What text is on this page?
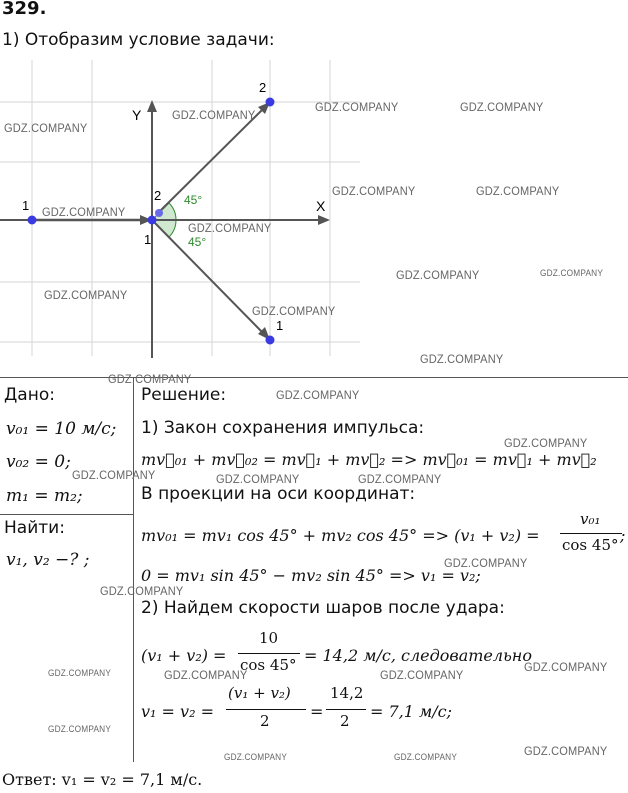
329.
1) Отобразим условие задачи:
Y
X
1
1
2
2
1
45°
45°
Дано:
v₀₁ = 10 м/с;
v₀₂ = 0;
m₁ = m₂;
Найти:
v₁, v₂ −? ;
Решение:
1) Закон сохранения импульса:
mv⃗₀₁ + mv⃗₀₂ = mv⃗₁ + mv⃗₂ => mv⃗₀₁ = mv⃗₁ + mv⃗₂
В проекции на оси координат:
mv₀₁ = mv₁ cos 45° + mv₂ cos 45° => (v₁ + v₂) =
v₀₁
cos 45° ;
0 = mv₁ sin 45° − mv₂ sin 45° => v₁ = v₂;
2) Найдем скорости шаров после удара:
(v₁ + v₂) =
10
cos 45° = 14,2 м/с, следовательно
v₁ = v₂ =
(v₁ + v₂)
2	=
14,2
2 = 7,1 м/с;
Ответ: v₁ = v₂ = 7,1 м/с.
GDZ.COMPANY
GDZ.COMPANY	GDZ.COMPANY
GDZ.COMPANY
GDZ.COMPANY	GDZ.COMPANY
GDZ.COMPANY
GDZ.COMPANY
GDZ.COMPANY	GDZ.COMPANY
GDZ.COMPANY
GDZ.COMPANY
GDZ.COMPANY
GDZ.COMPANY
GDZ.COMPANY
GDZ.COMPANY
GDZ.COMPANY	GDZ.COMPANY	GDZ.COMPANY
GDZ.COMPANY
GDZ.COMPANY
GDZ.COMPANY
GDZ.COMPANY	GDZ.COMPANY	GDZ.COMPANY
GDZ.COMPANY
GDZ.COMPANY	GDZ.COMPANY	GDZ.COMPANY
